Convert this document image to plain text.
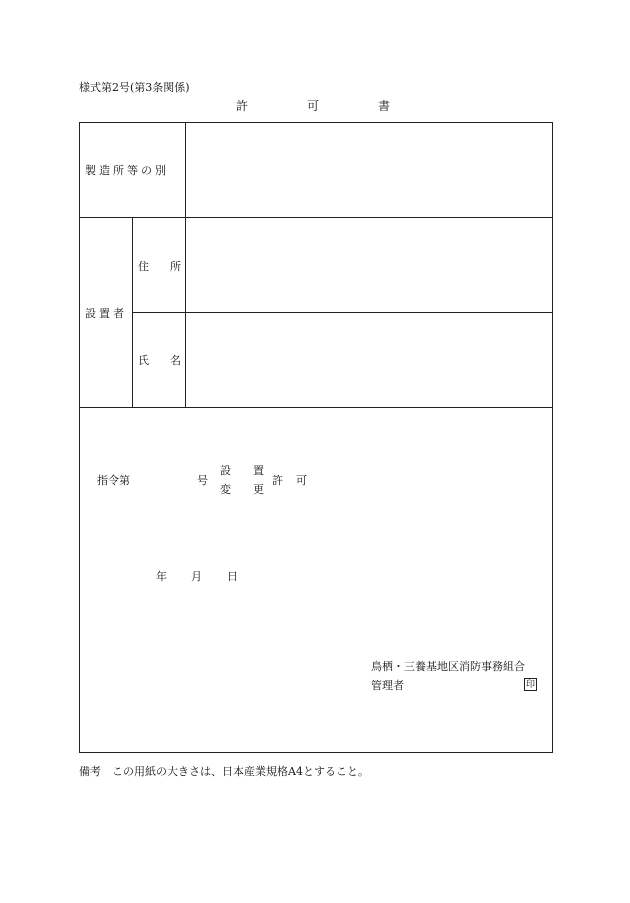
様式第2号(第3条関係)
許	可	書
製造所等の別
設置者
住 所
氏 名
指令第	号
設 置
変 更
許 可
年 月 日
鳥栖・三養基地区消防事務組合
管理者	印
備考　この用紙の大きさは、日本産業規格A4とすること。
